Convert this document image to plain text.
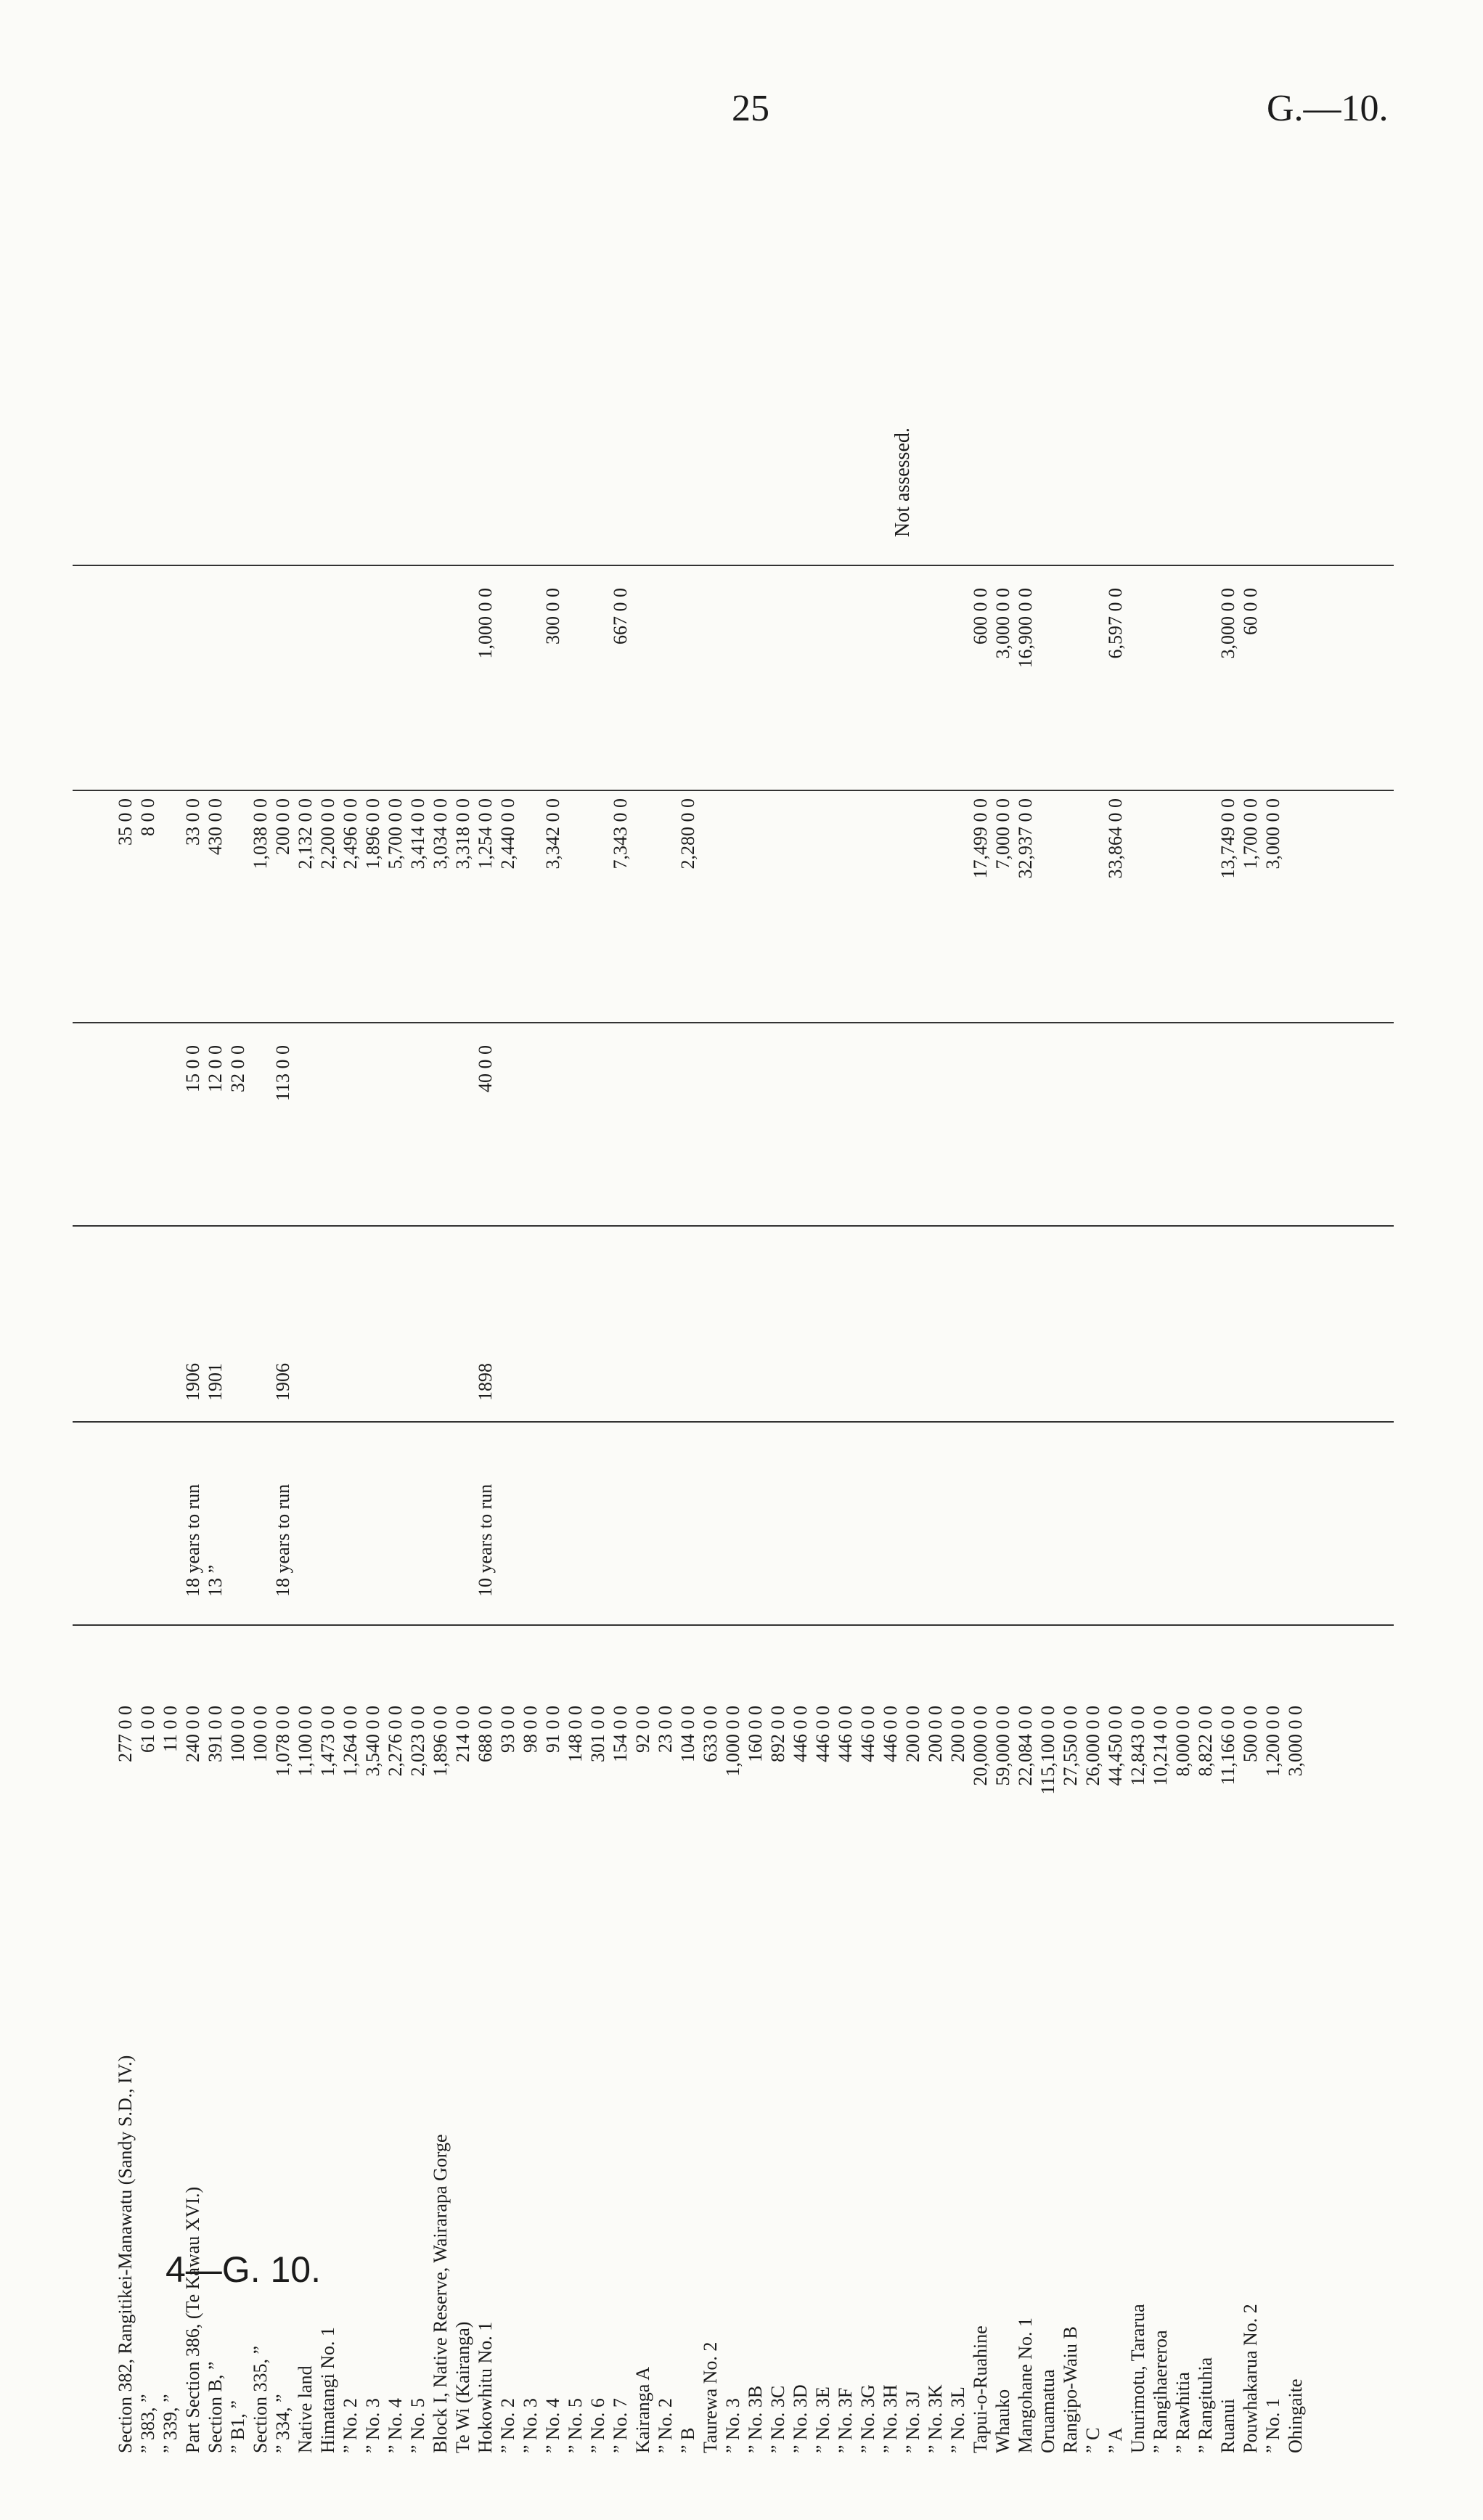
25	G.—10.
Section 382, Rangitikei-Manawatu (Sandy S.D., IV.)
277 0 0
35 0 0
” 383, ”
61 0 0
8 0 0
” 339, ”
11 0 0
Part Section 386, (Te Kawau XVI.)
240 0 0
18 years to run
1906
15 0 0
33 0 0
Section B, ”
391 0 0
13 ”
1901
12 0 0
430 0 0
” B1, ”
100 0 0
32 0 0
Section 335, ”
100 0 0
1,038 0 0
” 334, ”
1,078 0 0
18 years to run
1906
113 0 0
200 0 0
Native land
1,100 0 0
2,132 0 0
Himatangi No. 1
1,473 0 0
2,200 0 0
” No. 2
1,264 0 0
2,496 0 0
” No. 3
3,540 0 0
1,896 0 0
” No. 4
2,276 0 0
5,700 0 0
” No. 5
2,023 0 0
3,414 0 0
Block I, Native Reserve, Wairarapa Gorge
1,896 0 0
3,034 0 0
Te Wi (Kairanga)
214 0 0
3,318 0 0
Hokowhitu No. 1
688 0 0
10 years to run
1898
40 0 0
1,254 0 0
1,000 0 0
” No. 2
93 0 0
2,440 0 0
” No. 3
98 0 0
” No. 4
91 0 0
3,342 0 0
300 0 0
” No. 5
148 0 0
” No. 6
301 0 0
” No. 7
154 0 0
7,343 0 0
667 0 0
Kairanga A
92 0 0
” No. 2
23 0 0
” B
104 0 0
2,280 0 0
Taurewa No. 2
633 0 0
” No. 3
1,000 0 0
” No. 3B
160 0 0
” No. 3C
892 0 0
” No. 3D
446 0 0
” No. 3E
446 0 0
” No. 3F
446 0 0
” No. 3G
446 0 0
” No. 3H
446 0 0
” No. 3J
200 0 0
” No. 3K
200 0 0
” No. 3L
200 0 0
Tapui-o-Ruahine
20,000 0 0
17,499 0 0
600 0 0
Whauko
59,000 0 0
7,000 0 0
3,000 0 0
Mangohane No. 1
22,084 0 0
32,937 0 0
16,900 0 0
Oruamatua
115,100 0 0
Rangipo-Waiu B
27,550 0 0
” C
26,000 0 0
” A
44,450 0 0
33,864 0 0
6,597 0 0
Unurimotu, Tararua
12,843 0 0
” Rangihaereroa
10,214 0 0
” Rawhitia
8,000 0 0
” Rangituhia
8,822 0 0
Ruanui
11,166 0 0
13,749 0 0
3,000 0 0
Pouwhakarua No. 2
500 0 0
1,700 0 0
60 0 0
” No. 1
1,200 0 0
3,000 0 0
Ohingaite
3,000 0 0
Not assessed.
4—G. 10.
